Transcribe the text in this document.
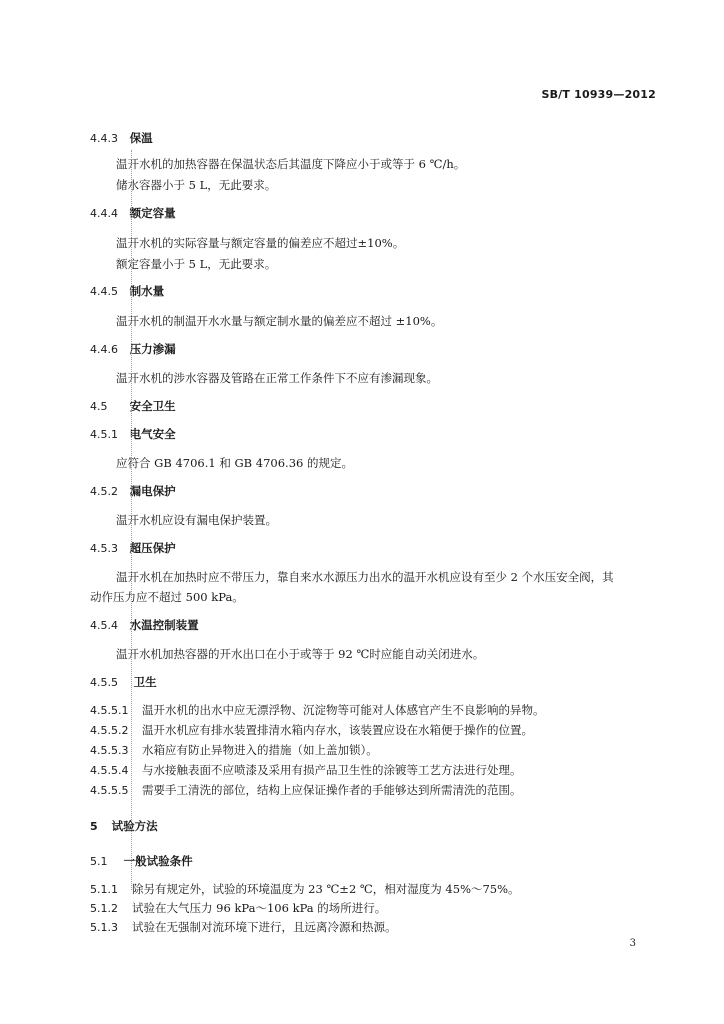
SB/T 10939—2012
4.4.3 保温
温开水机的加热容器在保温状态后其温度下降应小于或等于 6 ℃/h。
储水容器小于 5 L，无此要求。
4.4.4 额定容量
温开水机的实际容量与额定容量的偏差应不超过±10%。
额定容量小于 5 L，无此要求。
4.4.5 制水量
温开水机的制温开水水量与额定制水量的偏差应不超过 ±10%。
4.4.6 压力渗漏
温开水机的涉水容器及管路在正常工作条件下不应有渗漏现象。
4.5 安全卫生
4.5.1 电气安全
应符合 GB 4706.1 和 GB 4706.36 的规定。
4.5.2 漏电保护
温开水机应设有漏电保护装置。
4.5.3 超压保护
温开水机在加热时应不带压力，靠自来水水源压力出水的温开水机应设有至少 2 个水压安全阀，其
动作压力应不超过 500 kPa。
4.5.4 水温控制装置
温开水机加热容器的开水出口在小于或等于 92 ℃时应能自动关闭进水。
4.5.5 卫生
4.5.5.1 温开水机的出水中应无漂浮物、沉淀物等可能对人体感官产生不良影响的异物。
4.5.5.2 温开水机应有排水装置排清水箱内存水，该装置应设在水箱便于操作的位置。
4.5.5.3 水箱应有防止异物进入的措施（如上盖加锁）。
4.5.5.4 与水接触表面不应喷漆及采用有损产品卫生性的涂镀等工艺方法进行处理。
4.5.5.5 需要手工清洗的部位，结构上应保证操作者的手能够达到所需清洗的范围。
5 试验方法
5.1 一般试验条件
5.1.1 除另有规定外，试验的环境温度为 23 ℃±2 ℃，相对湿度为 45%～75%。
5.1.2 试验在大气压力 96 kPa～106 kPa 的场所进行。
5.1.3 试验在无强制对流环境下进行，且远离冷源和热源。
3
